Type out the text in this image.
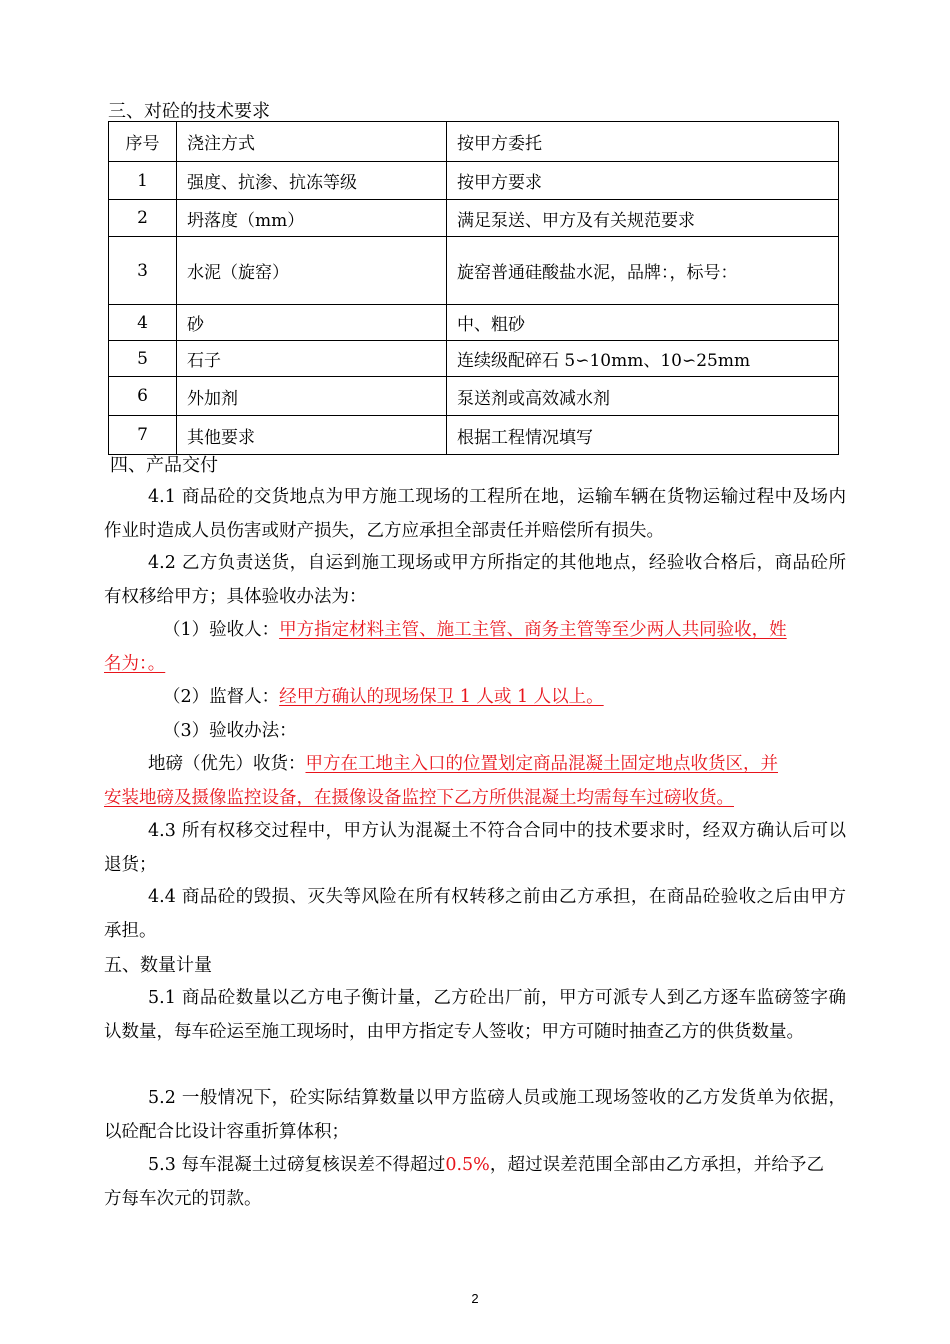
三、对砼的技术要求
序号	浇注方式	按甲方委托
1	强度、抗渗、抗冻等级	按甲方要求
2	坍落度（mm）	满足泵送、甲方及有关规范要求
3	水泥（旋窑）	旋窑普通硅酸盐水泥，品牌：，标号：
4	砂	中、粗砂
5	石子	连续级配碎石 5∽10mm、10∽25mm
6	外加剂	泵送剂或高效减水剂
7	其他要求	根据工程情况填写
四、产品交付
4.1 商品砼的交货地点为甲方施工现场的工程所在地，运输车辆在货物运输过程中及场内作业时造成人员伤害或财产损失，乙方应承担全部责任并赔偿所有损失。
4.2 乙方负责送货，自运到施工现场或甲方所指定的其他地点，经验收合格后，商品砼所有权移给甲方；具体验收办法为：
（1）验收人：甲方指定材料主管、施工主管、商务主管等至少两人共同验收，姓
名为：。
（2）监督人：经甲方确认的现场保卫 1 人或 1 人以上。
（3）验收办法：
地磅（优先）收货：甲方在工地主入口的位置划定商品混凝土固定地点收货区，并
安装地磅及摄像监控设备，在摄像设备监控下乙方所供混凝土均需每车过磅收货。
4.3 所有权移交过程中，甲方认为混凝土不符合合同中的技术要求时，经双方确认后可以退货；
4.4 商品砼的毁损、灭失等风险在所有权转移之前由乙方承担，在商品砼验收之后由甲方承担。
五、数量计量
5.1 商品砼数量以乙方电子衡计量，乙方砼出厂前，甲方可派专人到乙方逐车监磅签字确认数量，每车砼运至施工现场时，由甲方指定专人签收；甲方可随时抽查乙方的供货数量。
5.2 一般情况下，砼实际结算数量以甲方监磅人员或施工现场签收的乙方发货单为依据，以砼配合比设计容重折算体积；
5.3 每车混凝土过磅复核误差不得超过0.5%，超过误差范围全部由乙方承担，并给予乙方每车次元的罚款。
2
